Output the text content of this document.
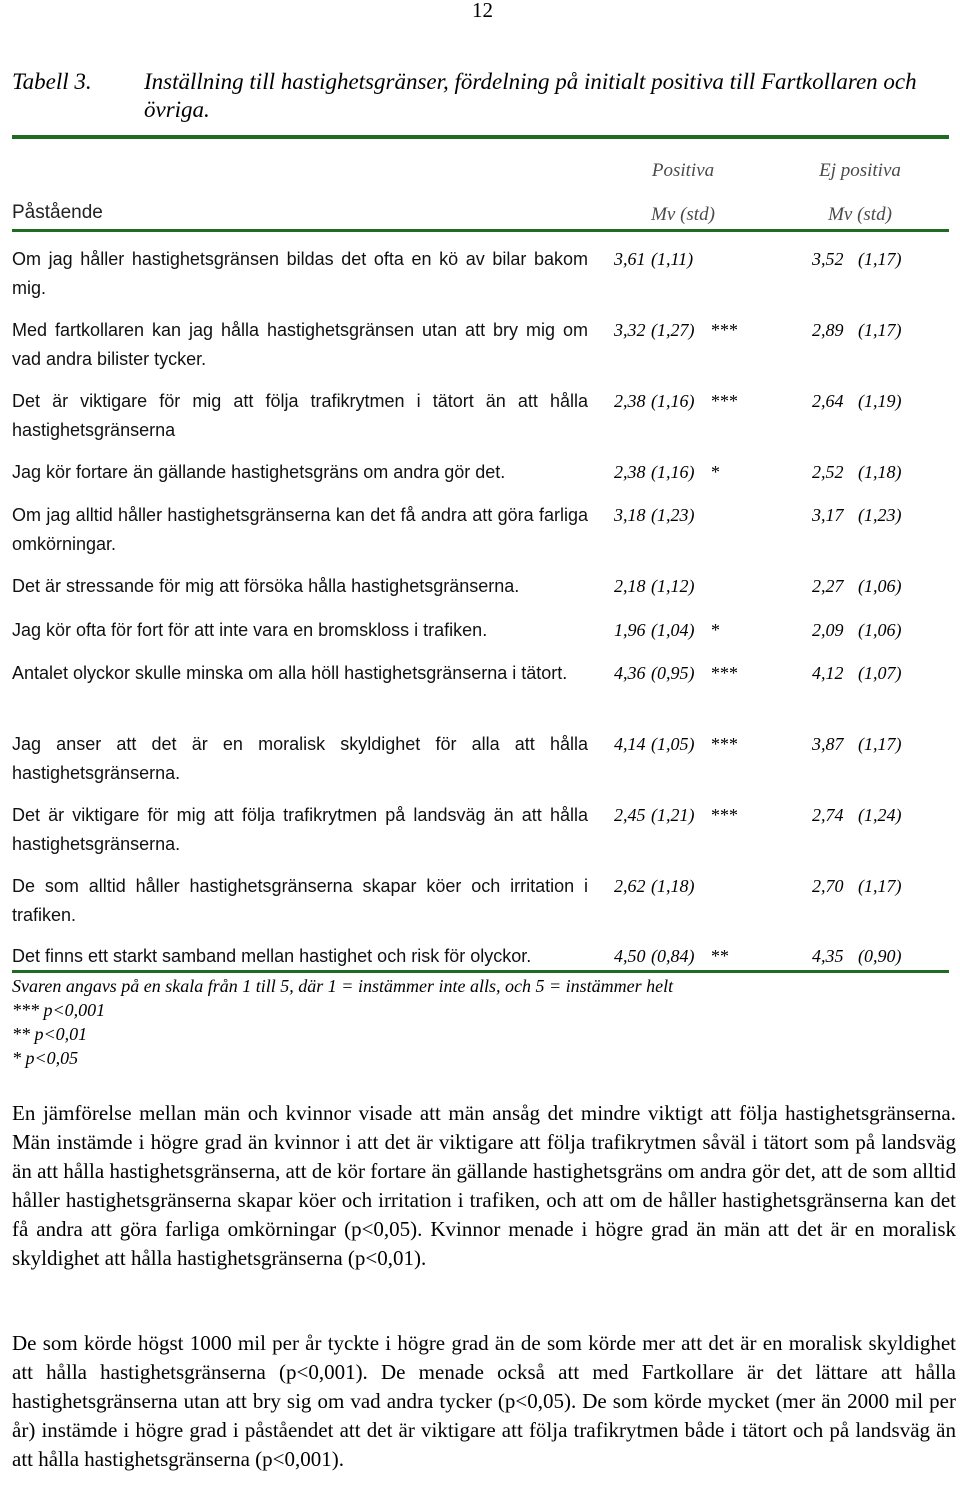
12
Tabell 3. Inställning till hastighetsgränser, fördelning på initialt positiva till Fartkollaren och övriga.
Positiva	Ej positiva
Påstående	Mv (std)	Mv (std)
Om jag håller hastighetsgränsen bildas det ofta en kö av bilar bakom mig.
3,61 (1,11)	3,52 (1,17)
Med fartkollaren kan jag hålla hastighetsgränsen utan att bry mig om vad andra bilister tycker.
3,32 (1,27) ***	2,89 (1,17)
Det är viktigare för mig att följa trafikrytmen i tätort än att hålla hastighetsgränserna
2,38 (1,16) ***	2,64 (1,19)
Jag kör fortare än gällande hastighetsgräns om andra gör det.	2,38 (1,16) *	2,52 (1,18)
Om jag alltid håller hastighetsgränserna kan det få andra att göra farliga omkörningar.
3,18 (1,23)	3,17 (1,23)
Det är stressande för mig att försöka hålla hastighetsgränserna.	2,18 (1,12)	2,27 (1,06)
Jag kör ofta för fort för att inte vara en bromskloss i trafiken.	1,96 (1,04) *	2,09 (1,06)
Antalet olyckor skulle minska om alla höll hastighetsgränserna i tätort.	4,36 (0,95) ***	4,12 (1,07)
Jag anser att det är en moralisk skyldighet för alla att hålla hastighetsgränserna.
4,14 (1,05) ***	3,87 (1,17)
Det är viktigare för mig att följa trafikrytmen på landsväg än att hålla hastighetsgränserna.
2,45 (1,21) ***	2,74 (1,24)
De som alltid håller hastighetsgränserna skapar köer och irritation i trafiken.
2,62 (1,18)	2,70 (1,17)
Det finns ett starkt samband mellan hastighet och risk för olyckor.	4,50 (0,84) **	4,35 (0,90)
Svaren angavs på en skala från 1 till 5, där 1 = instämmer inte alls, och 5 = instämmer helt
*** p<0,001
** p<0,01
* p<0,05
En jämförelse mellan män och kvinnor visade att män ansåg det mindre viktigt att följa hastighetsgränserna. Män instämde i högre grad än kvinnor i att det är viktigare att följa trafikrytmen såväl i tätort som på landsväg än att hålla hastighetsgränserna, att de kör fortare än gällande hastighetsgräns om andra gör det, att de som alltid håller hastighetsgränserna skapar köer och irritation i trafiken, och att om de håller hastighetsgränserna kan det få andra att göra farliga omkörningar (p<0,05). Kvinnor menade i högre grad än män att det är en moralisk skyldighet att hålla hastighetsgränserna (p<0,01).
De som körde högst 1000 mil per år tyckte i högre grad än de som körde mer att det är en moralisk skyldighet att hålla hastighetsgränserna (p<0,001). De menade också att med Fartkollare är det lättare att hålla hastighetsgränserna utan att bry sig om vad andra tycker (p<0,05). De som körde mycket (mer än 2000 mil per år) instämde i högre grad i påståendet att det är viktigare att följa trafikrytmen både i tätort och på landsväg än att hålla hastighetsgränserna (p<0,001).
